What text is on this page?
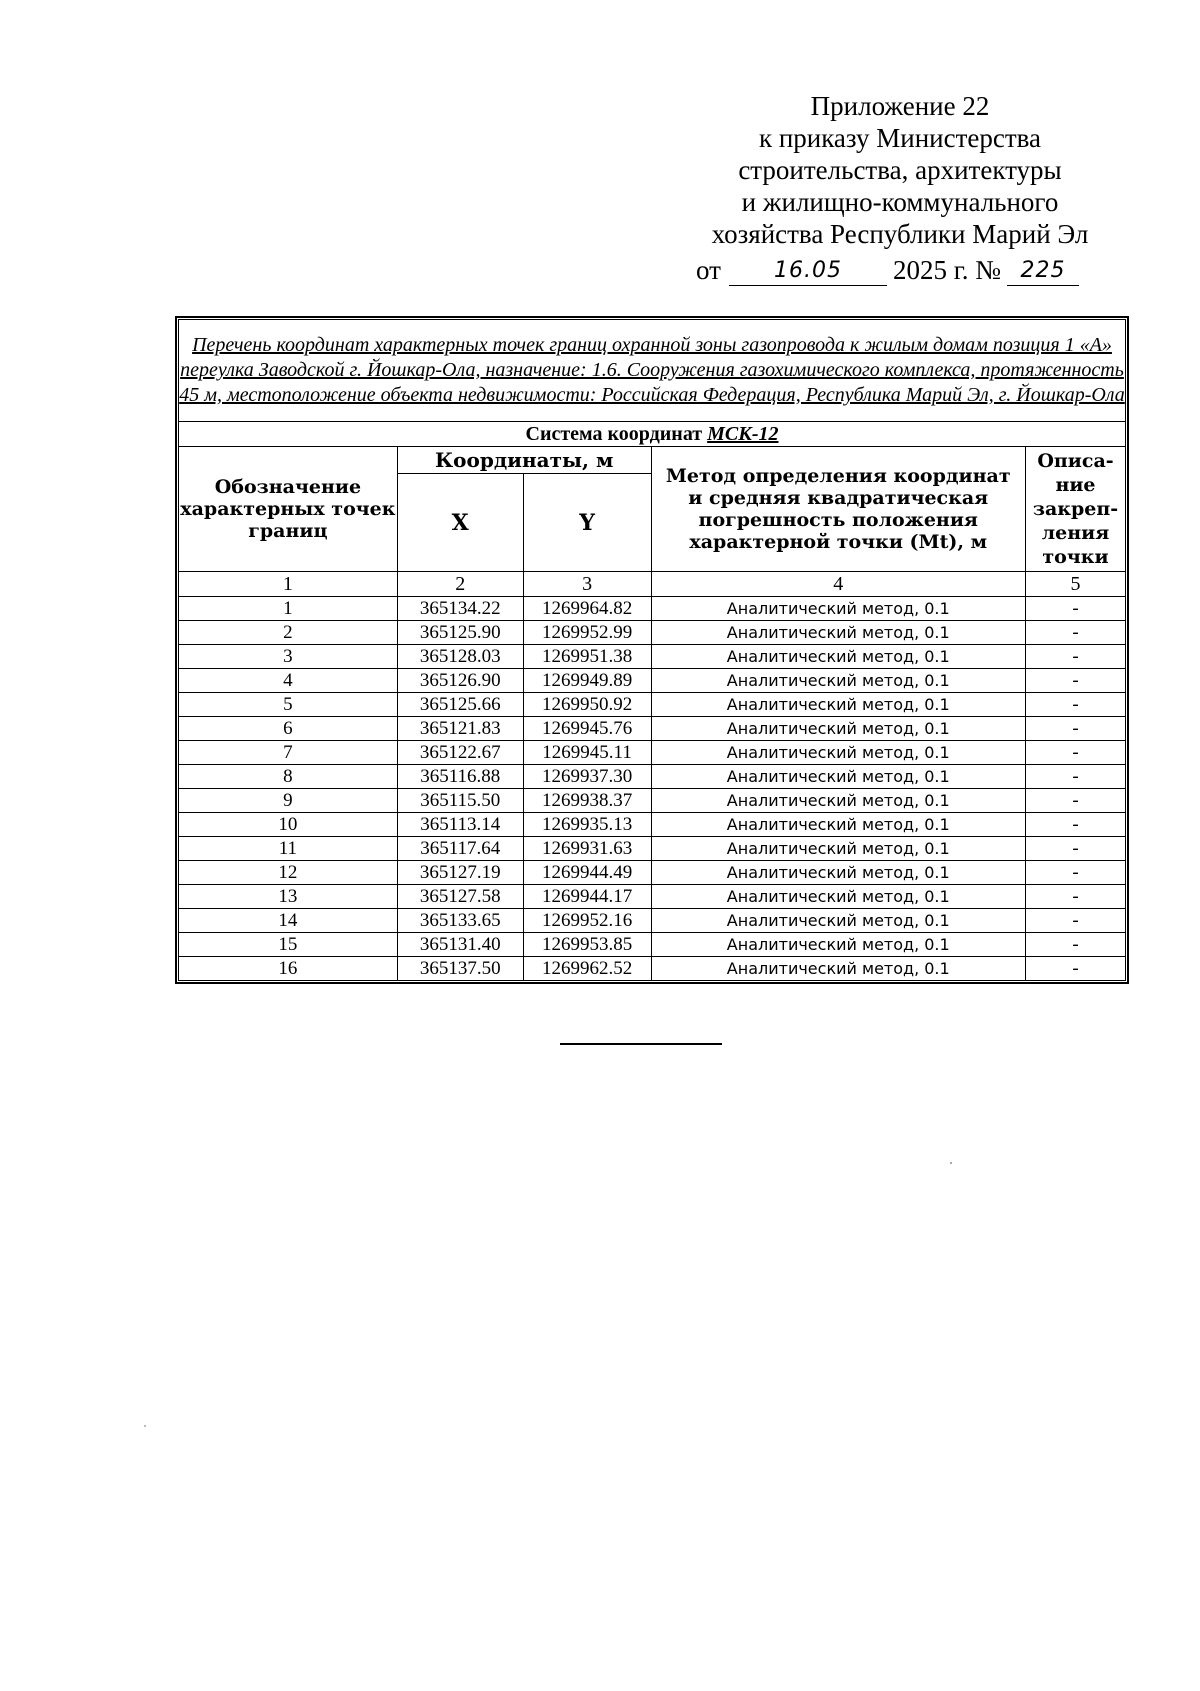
Приложение 22
к приказу Министерства
строительства, архитектуры
и жилищно-коммунального
хозяйства Республики Марий Эл
от 16.05 2025 г. № 225
Перечень координат характерных точек границ охранной зоны газопровода к жилым домам позиция 1 «А» переулка Заводской г. Йошкар-Ола, назначение: 1.6. Сооружения газохимического комплекса, протяженность 45 м, местоположение объекта недвижимости: Российская Федерация, Республика Марий Эл, г. Йошкар-Ола				
Система координат МСК-12				
Обозначение характерных точек границ	Координаты, м		Метод определения координат и средняя квадратическая погрешность положения характерной точки (Mt), м	Описа-ние закреп-ления точки
	X	Y		
1	2	3	4	5
1	365134.22	1269964.82	Аналитический метод, 0.1	-
2	365125.90	1269952.99	Аналитический метод, 0.1	-
3	365128.03	1269951.38	Аналитический метод, 0.1	-
4	365126.90	1269949.89	Аналитический метод, 0.1	-
5	365125.66	1269950.92	Аналитический метод, 0.1	-
6	365121.83	1269945.76	Аналитический метод, 0.1	-
7	365122.67	1269945.11	Аналитический метод, 0.1	-
8	365116.88	1269937.30	Аналитический метод, 0.1	-
9	365115.50	1269938.37	Аналитический метод, 0.1	-
10	365113.14	1269935.13	Аналитический метод, 0.1	-
11	365117.64	1269931.63	Аналитический метод, 0.1	-
12	365127.19	1269944.49	Аналитический метод, 0.1	-
13	365127.58	1269944.17	Аналитический метод, 0.1	-
14	365133.65	1269952.16	Аналитический метод, 0.1	-
15	365131.40	1269953.85	Аналитический метод, 0.1	-
16	365137.50	1269962.52	Аналитический метод, 0.1	-
